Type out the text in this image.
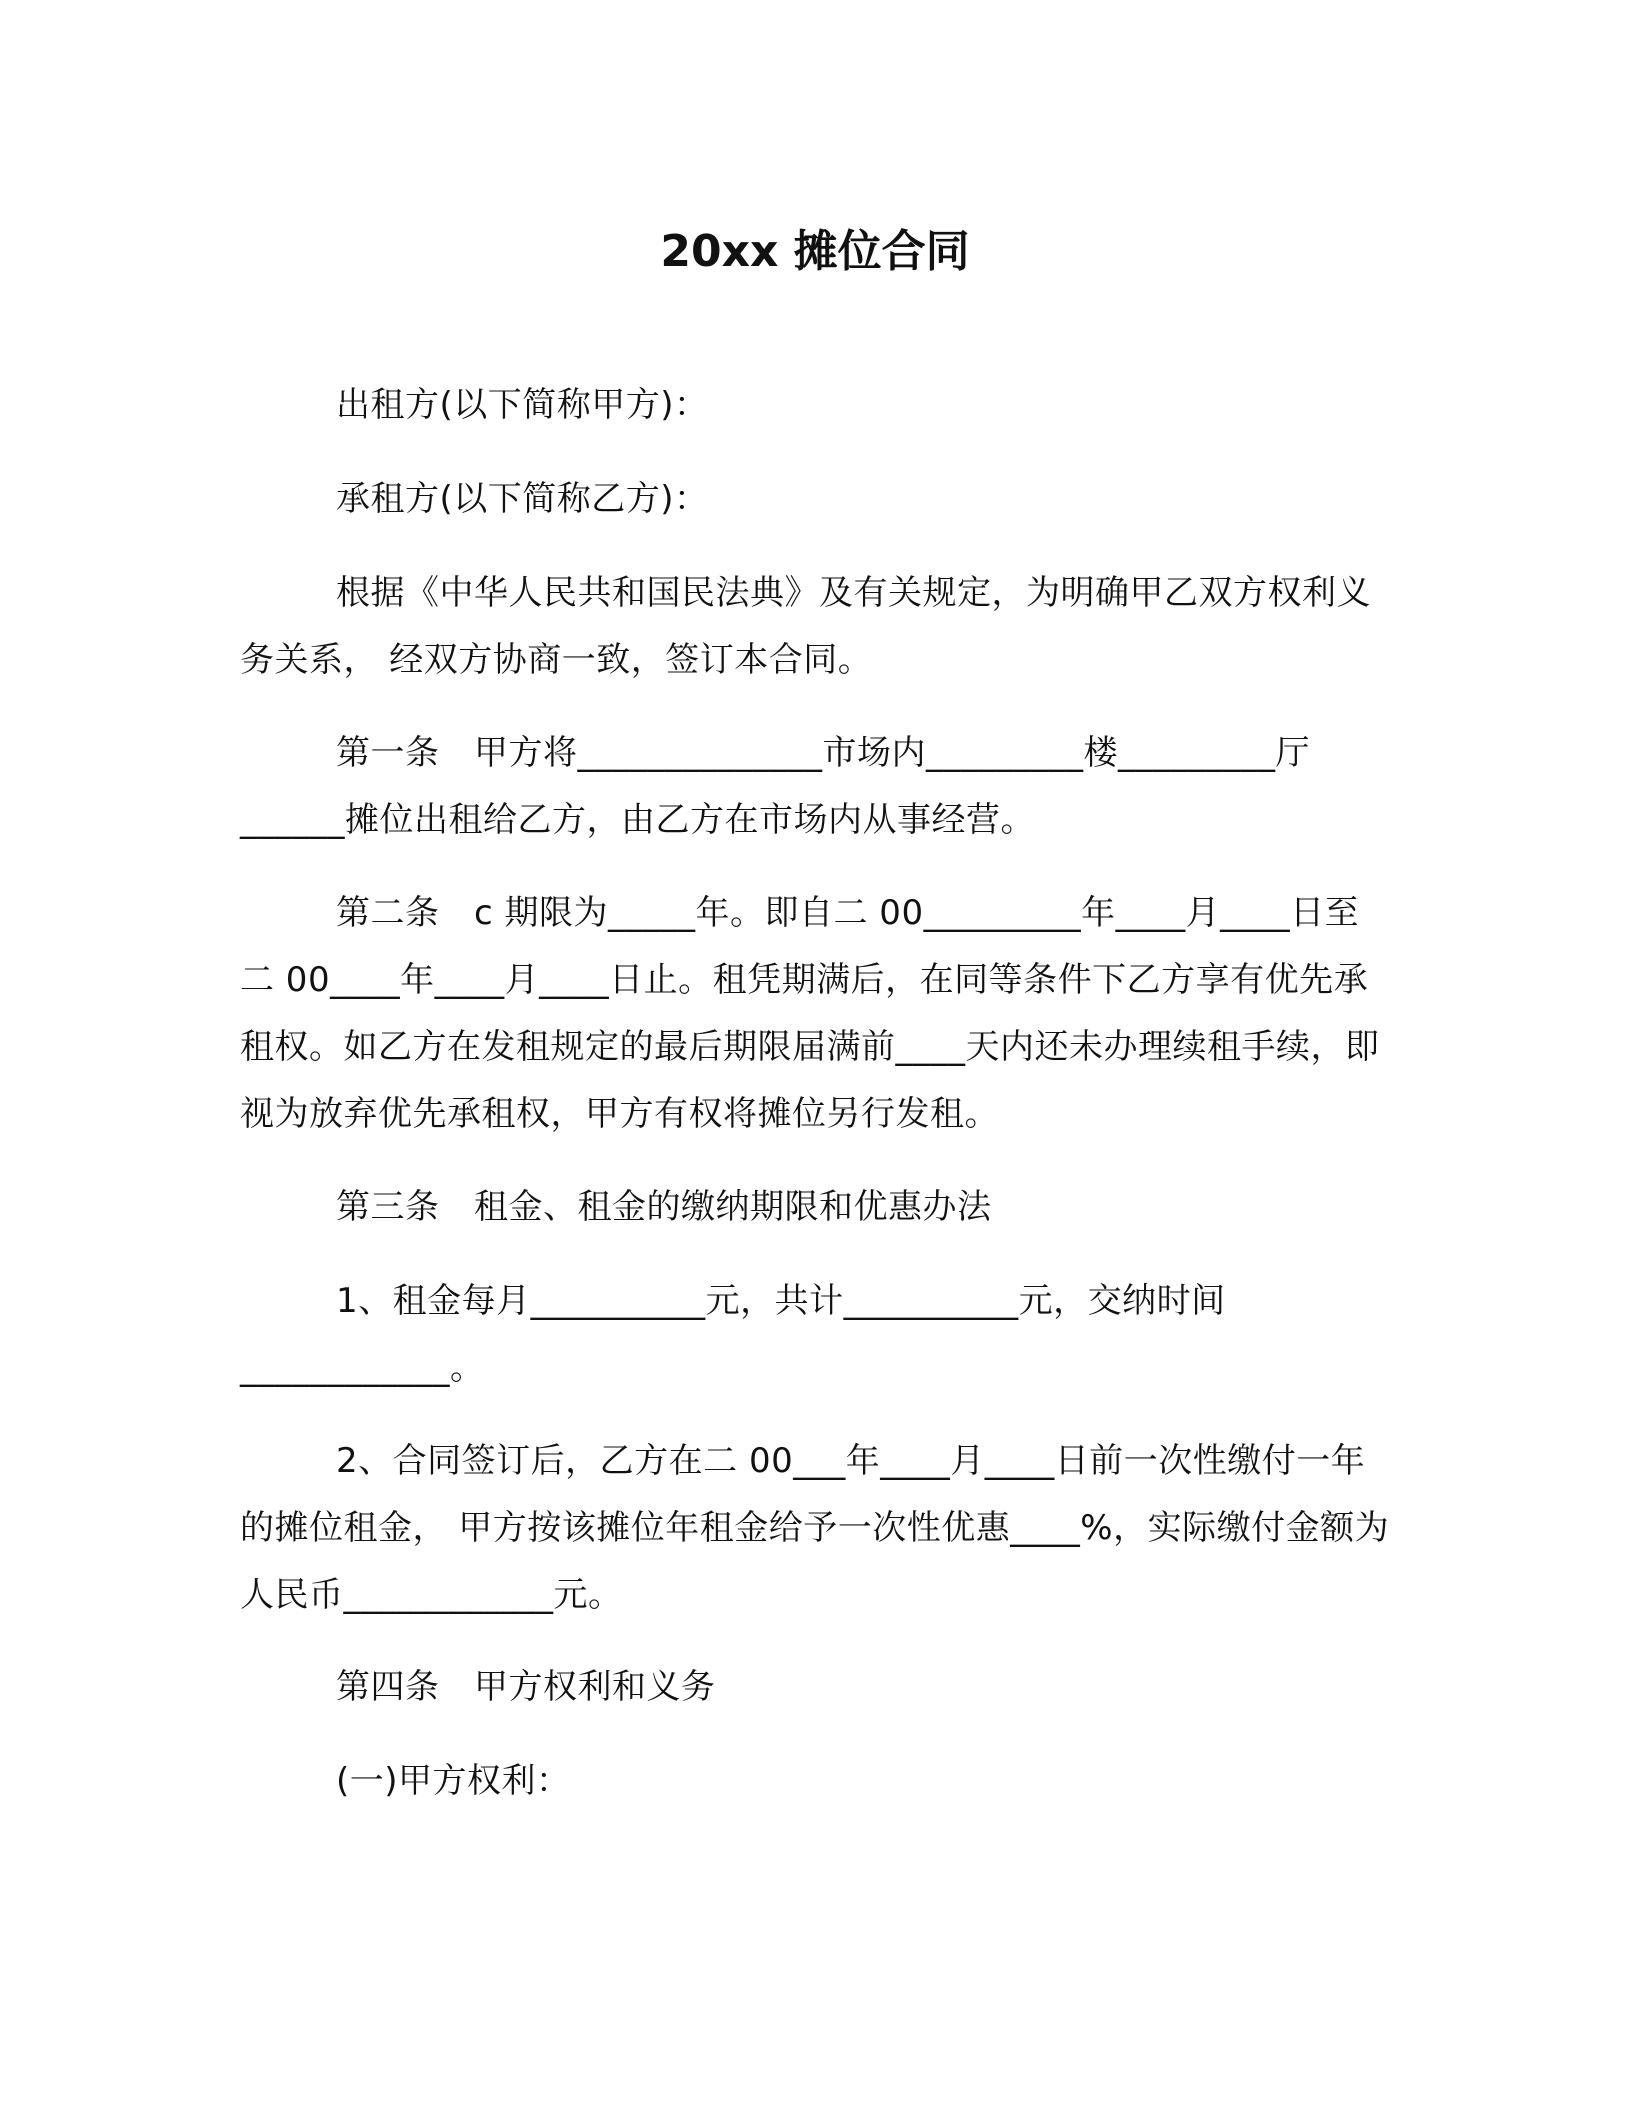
20xx 摊位合同
出租方(以下简称甲方)：
承租方(以下简称乙方)：
根据《中华人民共和国民法典》及有关规定，为明确甲乙双方权利义务关系， 经双方协商一致，签订本合同。
第一条　甲方将______________市场内_________楼_________厅______摊位出租给乙方，由乙方在市场内从事经营。
第二条　c 期限为_____年。即自二 00_________年____月____日至二 00____年____月____日止。租凭期满后，在同等条件下乙方享有优先承租权。如乙方在发租规定的最后期限届满前____天内还未办理续租手续，即视为放弃优先承租权，甲方有权将摊位另行发租。
第三条　租金、租金的缴纳期限和优惠办法
1、租金每月__________元，共计__________元，交纳时间____________。
2、合同签订后，乙方在二 00___年____月____日前一次性缴付一年的摊位租金， 甲方按该摊位年租金给予一次性优惠____%，实际缴付金额为人民币____________元。
第四条　甲方权利和义务
(一)甲方权利：
